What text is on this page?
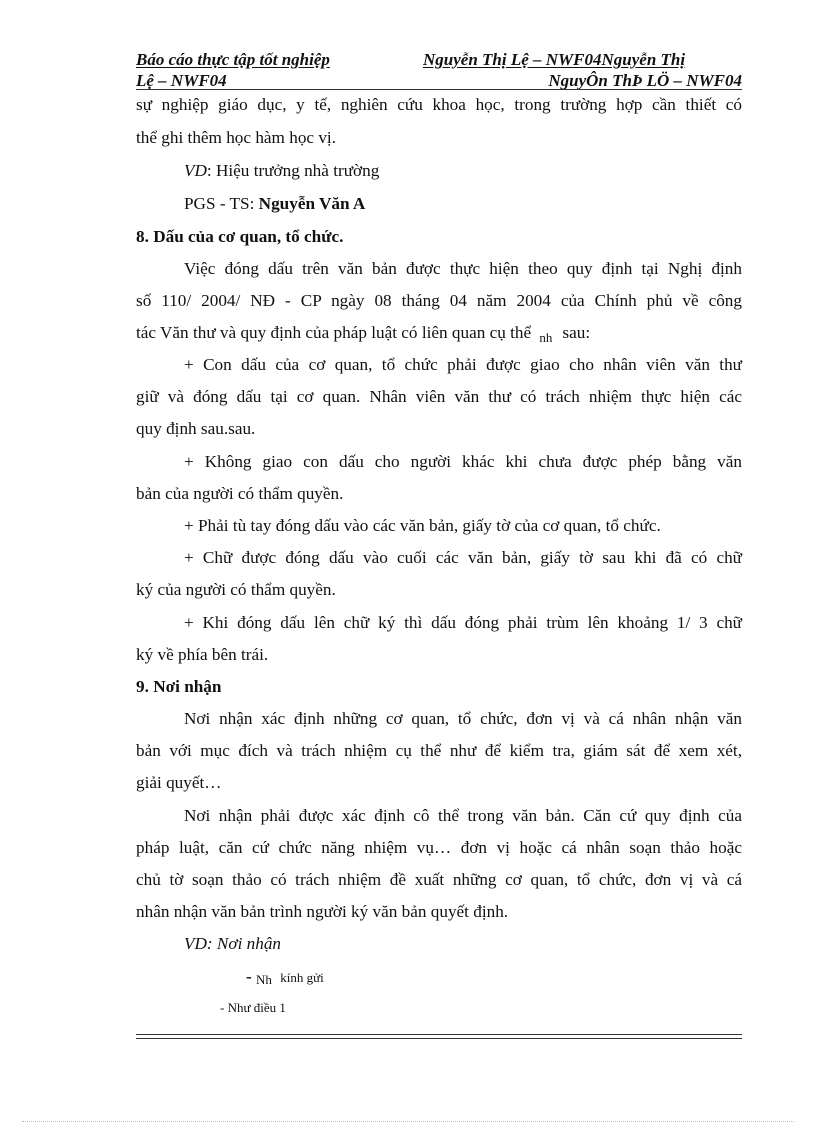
Báo cáo thực tập tốt nghiệp	Nguyễn Thị Lệ – NWF04Nguyễn Thị
Lệ – NWF04	NguyÔn ThÞ LÖ – NWF04
sự nghiệp giáo dục, y tế, nghiên cứu khoa học, trong trường hợp cần thiết có
thể ghi thêm học hàm học vị.
VD: Hiệu trưởng nhà trường
PGS - TS: Nguyễn Văn A
8. Dấu của cơ quan, tổ chức.
Việc đóng dấu trên văn bản được thực hiện theo quy định tại Nghị định
số 110/ 2004/ NĐ - CP ngày 08 tháng 04 năm 2004 của Chính phủ về công
tác Văn thư và quy định của pháp luật có liên quan cụ thể $_{nh}$ sau:
+ Con dấu của cơ quan, tổ chức phải được giao cho nhân viên văn thư
giữ và đóng dấu tại cơ quan. Nhân viên văn thư có trách nhiệm thực hiện các
quy định sau.sau.
+ Không giao con dấu cho người khác khi chưa được phép bằng văn
bản của người có thẩm quyền.
+ Phải tù tay đóng dấu vào các văn bản, giấy tờ của cơ quan, tổ chức.
+ Chữ được đóng dấu vào cuối các văn bản, giấy tờ sau khi đã có chữ
ký của người có thẩm quyền.
+ Khi đóng dấu lên chữ ký thì dấu đóng phải trùm lên khoảng 1/ 3 chữ
ký về phía bên trái.
9. Nơi nhận
Nơi nhận xác định những cơ quan, tổ chức, đơn vị và cá nhân nhận văn
bản với mục đích và trách nhiệm cụ thể như để kiểm tra, giám sát để xem xét,
giải quyết…
Nơi nhận phải được xác định cô thể trong văn bản. Căn cứ quy định của
pháp luật, căn cứ chức năng nhiệm vụ… đơn vị hoặc cá nhân soạn thảo hoặc
chủ tờ soạn thảo có trách nhiệm đề xuất những cơ quan, tổ chức, đơn vị và cá
nhân nhận văn bản trình người ký văn bản quyết định.
VD: Nơi nhận
- Nh kính gửi
- Như điều 1
